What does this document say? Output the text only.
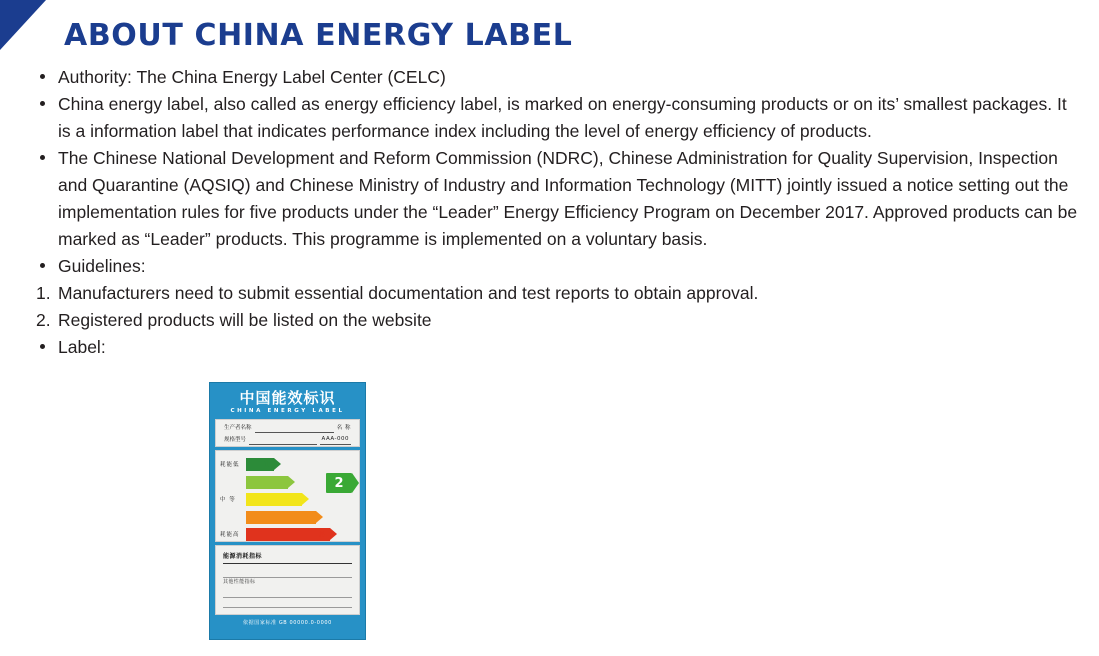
ABOUT CHINA ENERGY LABEL
Authority: The China Energy Label Center (CELC)
China energy label, also called as energy efficiency label, is marked on energy-consuming products or on its’ smallest packages. It is a information label that indicates performance index including the level of energy efficiency of products.
The Chinese National Development and Reform Commission (NDRC), Chinese Administration for Quality Supervision, Inspection and Quarantine (AQSIQ) and Chinese Ministry of Industry and Information Technology (MITT) jointly issued a notice setting out the implementation rules for five products under the “Leader” Energy Efficiency Program on December 2017. Approved products can be marked as “Leader” products. This programme is implemented on a voluntary basis.
Guidelines:
1. Manufacturers need to submit essential documentation and test reports to obtain approval.
2. Registered products will be listed on the website
Label:
中国能效标识
CHINA ENERGY LABEL
生产者名称	名 称
规格型号	AAA-000
耗能低	1
2
中 等	3
4
耗能高	5
2
能源消耗指标
其他性能指标
依据国家标准 GB 00000.0-0000
